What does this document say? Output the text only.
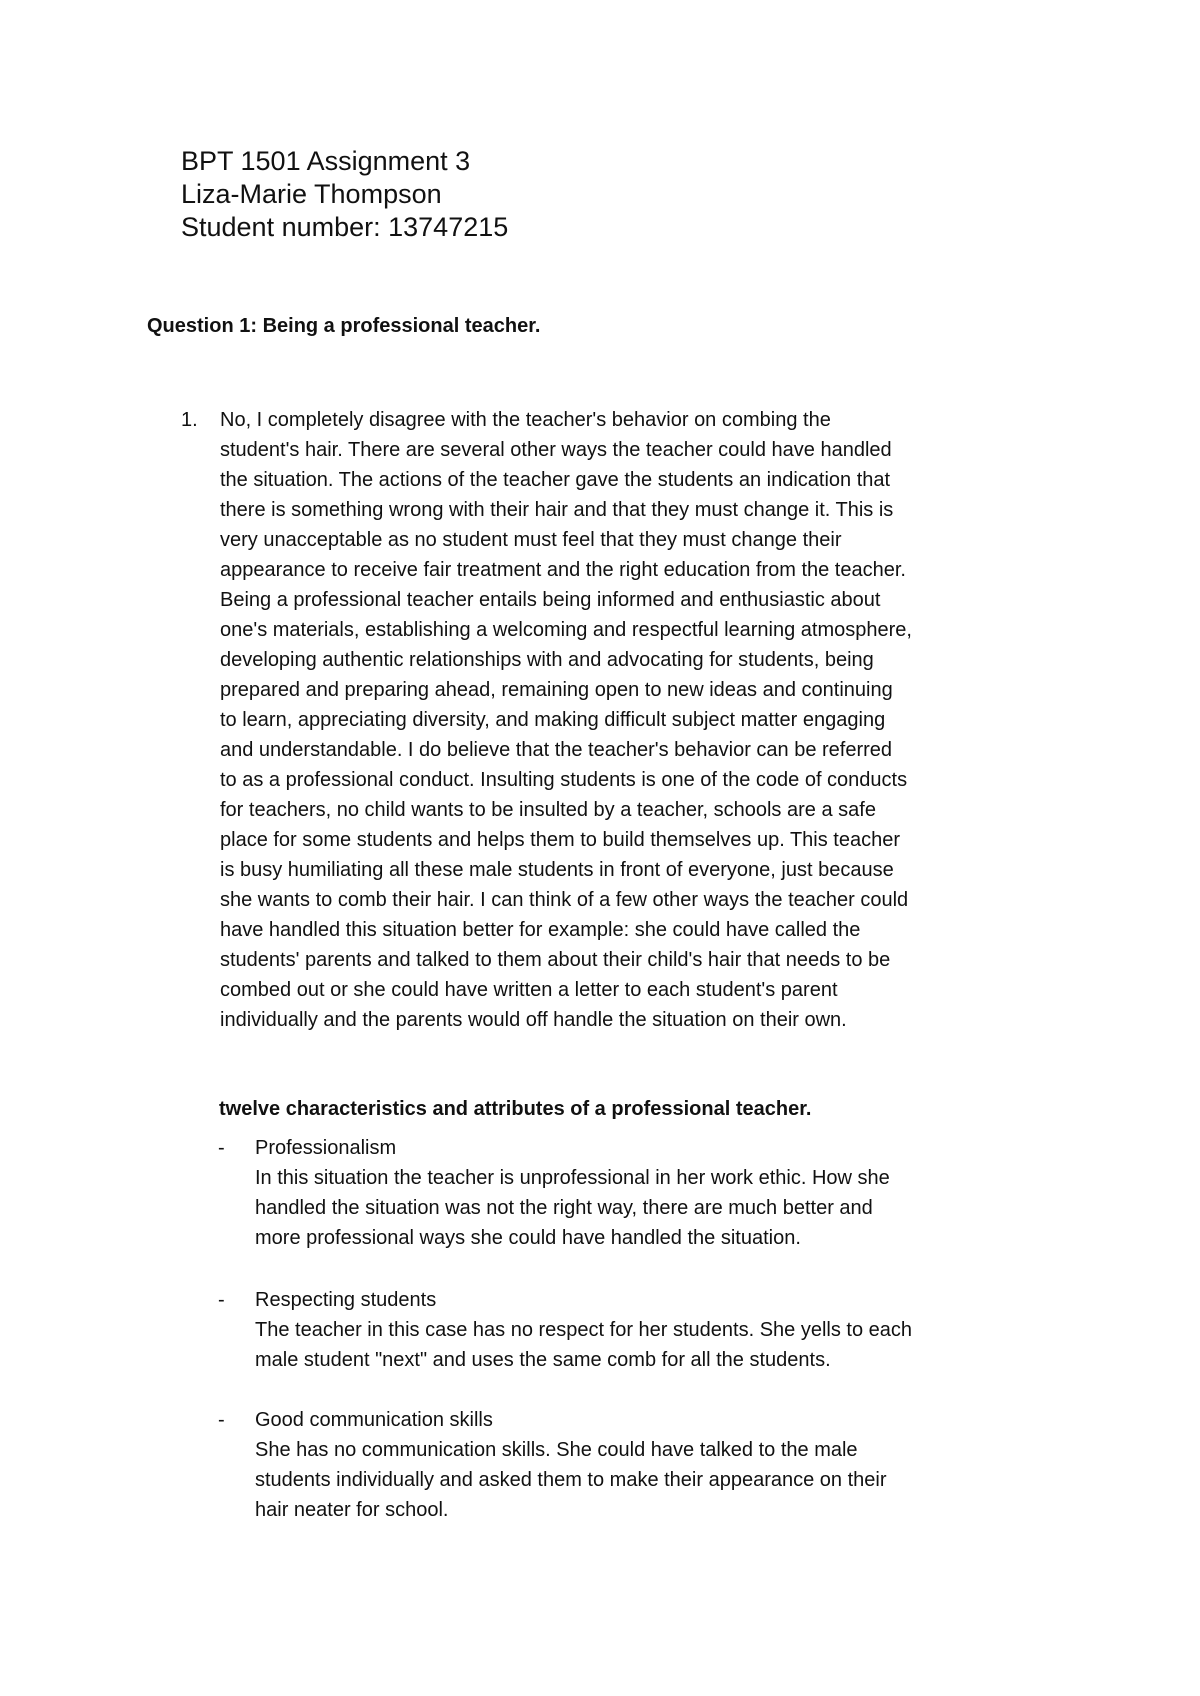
BPT 1501 Assignment 3
Liza-Marie Thompson
Student number: 13747215
Question 1: Being a professional teacher.
1. No, I completely disagree with the teacher's behavior on combing the
student's hair. There are several other ways the teacher could have handled
the situation. The actions of the teacher gave the students an indication that
there is something wrong with their hair and that they must change it. This is
very unacceptable as no student must feel that they must change their
appearance to receive fair treatment and the right education from the teacher.
Being a professional teacher entails being informed and enthusiastic about
one's materials, establishing a welcoming and respectful learning atmosphere,
developing authentic relationships with and advocating for students, being
prepared and preparing ahead, remaining open to new ideas and continuing
to learn, appreciating diversity, and making difficult subject matter engaging
and understandable. I do believe that the teacher's behavior can be referred
to as a professional conduct. Insulting students is one of the code of conducts
for teachers, no child wants to be insulted by a teacher, schools are a safe
place for some students and helps them to build themselves up. This teacher
is busy humiliating all these male students in front of everyone, just because
she wants to comb their hair. I can think of a few other ways the teacher could
have handled this situation better for example: she could have called the
students' parents and talked to them about their child's hair that needs to be
combed out or she could have written a letter to each student's parent
individually and the parents would off handle the situation on their own.
twelve characteristics and attributes of a professional teacher.
- Professionalism
In this situation the teacher is unprofessional in her work ethic. How she
handled the situation was not the right way, there are much better and
more professional ways she could have handled the situation.
- Respecting students
The teacher in this case has no respect for her students. She yells to each
male student "next" and uses the same comb for all the students.
- Good communication skills
She has no communication skills. She could have talked to the male
students individually and asked them to make their appearance on their
hair neater for school.
